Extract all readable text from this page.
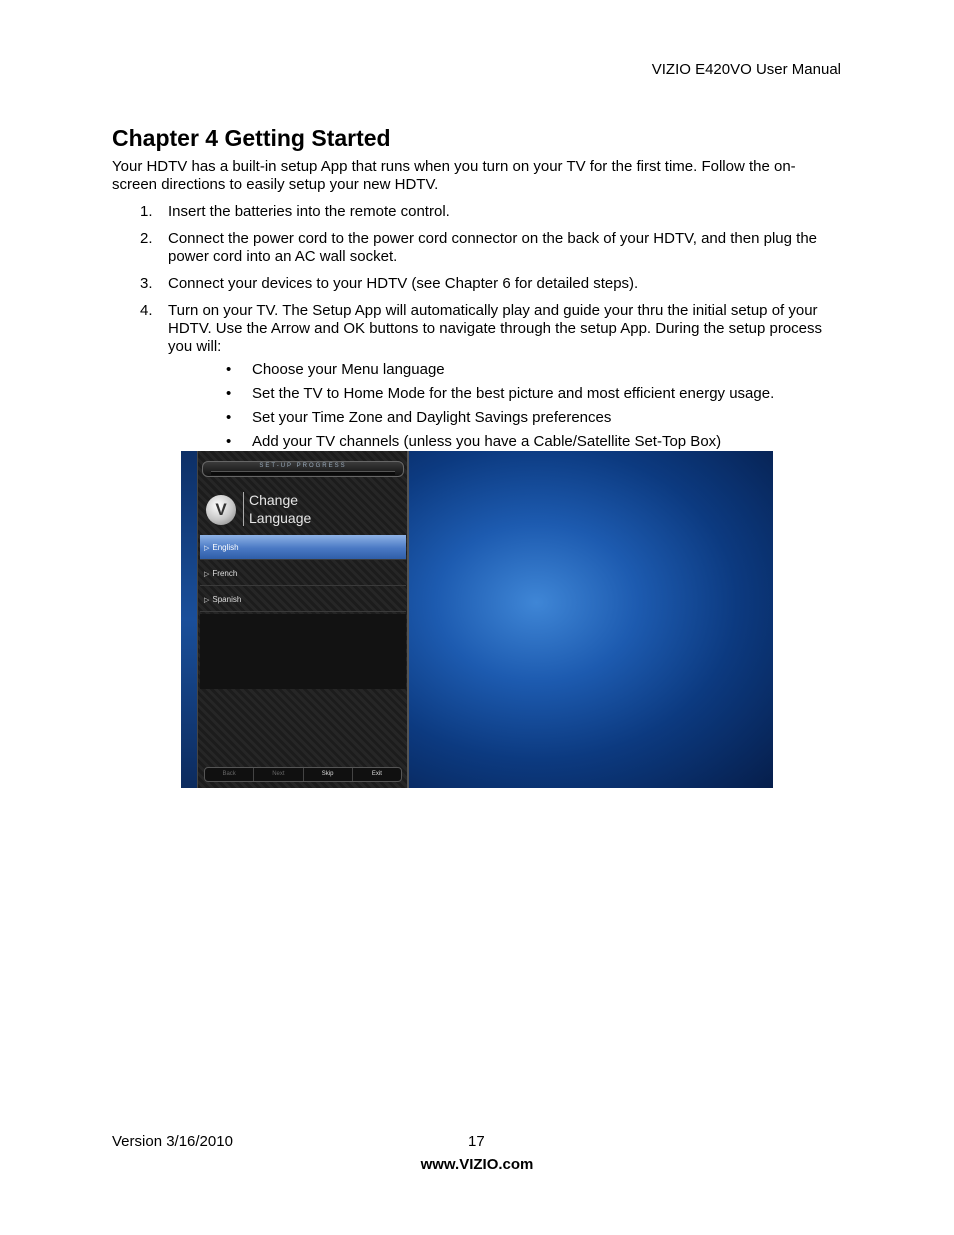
VIZIO E420VO User Manual
Chapter 4 Getting Started

Your HDTV has a built-in setup App that runs when you turn on your TV for the first time. Follow the on-screen directions to easily setup your new HDTV.

1. Insert the batteries into the remote control.
2. Connect the power cord to the power cord connector on the back of your HDTV, and then plug the power cord into an AC wall socket.
3. Connect your devices to your HDTV (see Chapter 6 for detailed steps).
4. Turn on your TV. The Setup App will automatically play and guide your thru the initial setup of your HDTV. Use the Arrow and OK buttons to navigate through the setup App. During the setup process you will:
• Choose your Menu language
• Set the TV to Home Mode for the best picture and most efficient energy usage.
• Set your Time Zone and Daylight Savings preferences
• Add your TV channels (unless you have a Cable/Satellite Set-Top Box)
SET-UP PROGRESS
V	Change
Language
▷ English
▷ French
▷ Spanish
Back	Next	Skip	Exit
Version 3/16/2010	17
www.VIZIO.com
